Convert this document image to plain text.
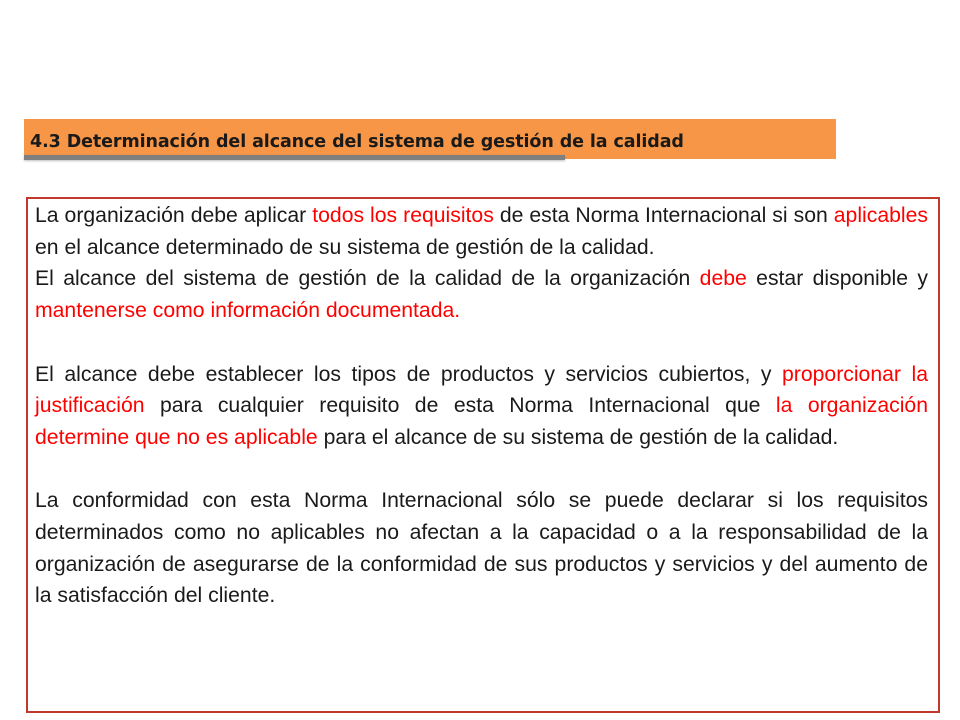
4.3 Determinación del alcance del sistema de gestión de la calidad

La organización debe aplicar todos los requisitos de esta Norma Internacional si son aplicables en el alcance determinado de su sistema de gestión de la calidad.

El alcance del sistema de gestión de la calidad de la organización debe estar disponible y mantenerse como información documentada.

El alcance debe establecer los tipos de productos y servicios cubiertos, y proporcionar la justificación para cualquier requisito de esta Norma Internacional que la organización determine que no es aplicable para el alcance de su sistema de gestión de la calidad.

La conformidad con esta Norma Internacional sólo se puede declarar si los requisitos determinados como no aplicables no afectan a la capacidad o a la responsabilidad de la organización de asegurarse de la conformidad de sus productos y servicios y del aumento de la satisfacción del cliente.
